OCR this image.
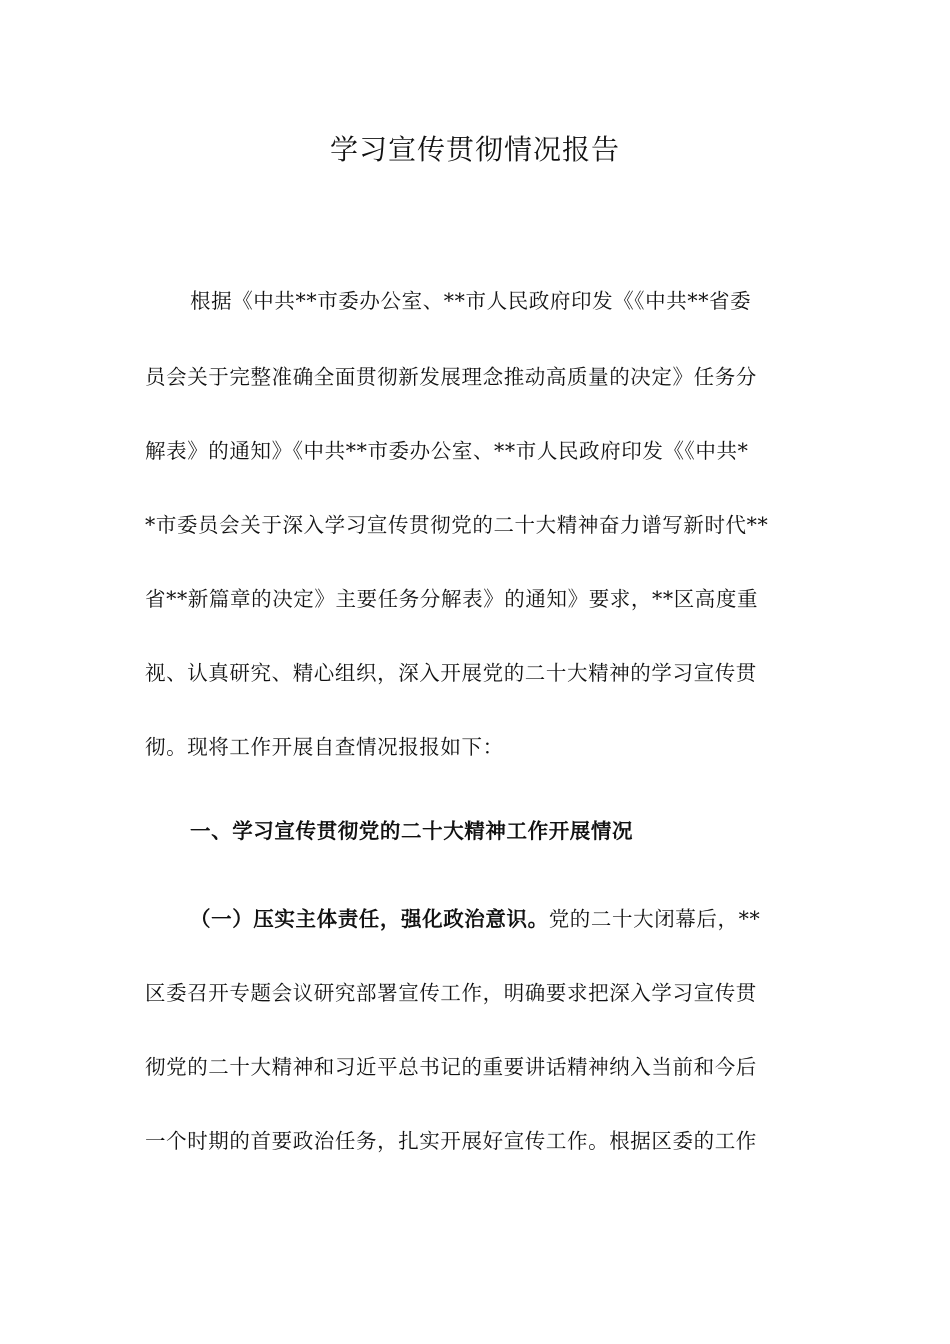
学习宣传贯彻情况报告
根据《中共**市委办公室、**市人民政府印发《《中共**省委
员会关于完整准确全面贯彻新发展理念推动高质量的决定》任务分
解表》的通知》《中共**市委办公室、**市人民政府印发《《中共*
*市委员会关于深入学习宣传贯彻党的二十大精神奋力谱写新时代**
省**新篇章的决定》主要任务分解表》的通知》要求，**区高度重
视、认真研究、精心组织，深入开展党的二十大精神的学习宣传贯
彻。现将工作开展自查情况报报如下：
一、学习宣传贯彻党的二十大精神工作开展情况
（一）压实主体责任，强化政治意识。党的二十大闭幕后，**
区委召开专题会议研究部署宣传工作，明确要求把深入学习宣传贯
彻党的二十大精神和习近平总书记的重要讲话精神纳入当前和今后
一个时期的首要政治任务，扎实开展好宣传工作。根据区委的工作
